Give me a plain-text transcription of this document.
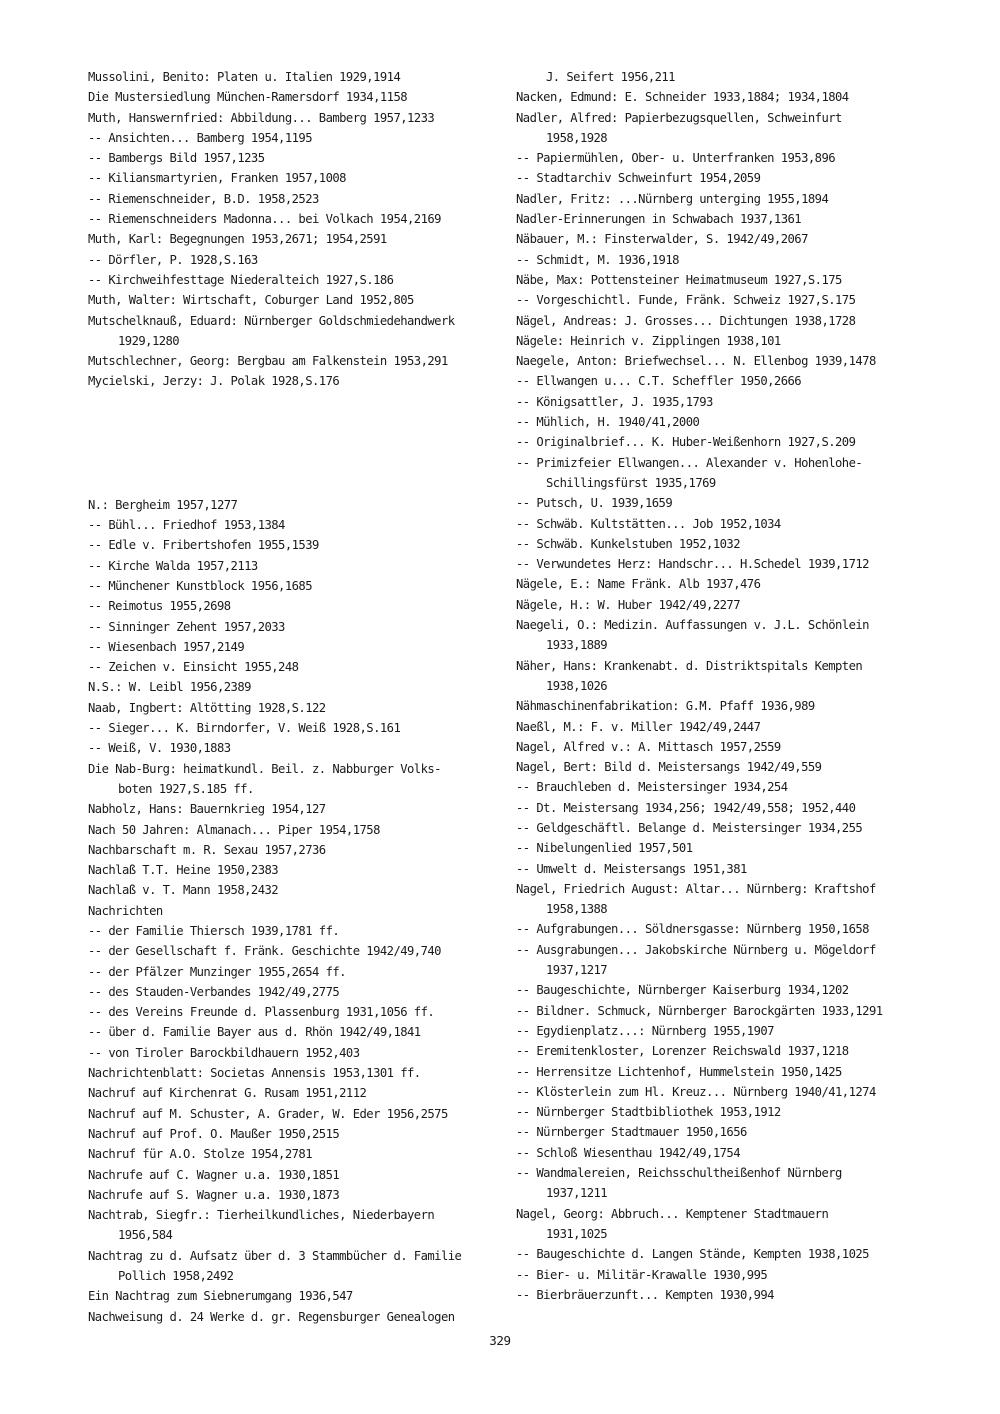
Mussolini, Benito: Platen u. Italien 1929,1914
Die Mustersiedlung München-Ramersdorf 1934,1158
Muth, Hanswernfried: Abbildung... Bamberg 1957,1233
-- Ansichten... Bamberg 1954,1195
-- Bambergs Bild 1957,1235
-- Kiliansmartyrien, Franken 1957,1008
-- Riemenschneider, B.D. 1958,2523
-- Riemenschneiders Madonna... bei Volkach 1954,2169
Muth, Karl: Begegnungen 1953,2671; 1954,2591
-- Dörfler, P. 1928,S.163
-- Kirchweihfesttage Niederalteich 1927,S.186
Muth, Walter: Wirtschaft, Coburger Land 1952,805
Mutschelknauß, Eduard: Nürnberger Goldschmiedehandwerk
1929,1280
Mutschlechner, Georg: Bergbau am Falkenstein 1953,291
Mycielski, Jerzy: J. Polak 1928,S.176
N.: Bergheim 1957,1277
-- Bühl... Friedhof 1953,1384
-- Edle v. Fribertshofen 1955,1539
-- Kirche Walda 1957,2113
-- Münchener Kunstblock 1956,1685
-- Reimotus 1955,2698
-- Sinninger Zehent 1957,2033
-- Wiesenbach 1957,2149
-- Zeichen v. Einsicht 1955,248
N.S.: W. Leibl 1956,2389
Naab, Ingbert: Altötting 1928,S.122
-- Sieger... K. Birndorfer, V. Weiß 1928,S.161
-- Weiß, V. 1930,1883
Die Nab-Burg: heimatkundl. Beil. z. Nabburger Volks-
boten 1927,S.185 ff.
Nabholz, Hans: Bauernkrieg 1954,127
Nach 50 Jahren: Almanach... Piper 1954,1758
Nachbarschaft m. R. Sexau 1957,2736
Nachlaß T.T. Heine 1950,2383
Nachlaß v. T. Mann 1958,2432
Nachrichten
-- der Familie Thiersch 1939,1781 ff.
-- der Gesellschaft f. Fränk. Geschichte 1942/49,740
-- der Pfälzer Munzinger 1955,2654 ff.
-- des Stauden-Verbandes 1942/49,2775
-- des Vereins Freunde d. Plassenburg 1931,1056 ff.
-- über d. Familie Bayer aus d. Rhön 1942/49,1841
-- von Tiroler Barockbildhauern 1952,403
Nachrichtenblatt: Societas Annensis 1953,1301 ff.
Nachruf auf Kirchenrat G. Rusam 1951,2112
Nachruf auf M. Schuster, A. Grader, W. Eder 1956,2575
Nachruf auf Prof. O. Maußer 1950,2515
Nachruf für A.O. Stolze 1954,2781
Nachrufe auf C. Wagner u.a. 1930,1851
Nachrufe auf S. Wagner u.a. 1930,1873
Nachtrab, Siegfr.: Tierheilkundliches, Niederbayern
1956,584
Nachtrag zu d. Aufsatz über d. 3 Stammbücher d. Familie
Pollich 1958,2492
Ein Nachtrag zum Siebnerumgang 1936,547
Nachweisung d. 24 Werke d. gr. Regensburger Genealogen
J. Seifert 1956,211
Nacken, Edmund: E. Schneider 1933,1884; 1934,1804
Nadler, Alfred: Papierbezugsquellen, Schweinfurt
1958,1928
-- Papiermühlen, Ober- u. Unterfranken 1953,896
-- Stadtarchiv Schweinfurt 1954,2059
Nadler, Fritz: ...Nürnberg unterging 1955,1894
Nadler-Erinnerungen in Schwabach 1937,1361
Näbauer, M.: Finsterwalder, S. 1942/49,2067
-- Schmidt, M. 1936,1918
Näbe, Max: Pottensteiner Heimatmuseum 1927,S.175
-- Vorgeschichtl. Funde, Fränk. Schweiz 1927,S.175
Nägel, Andreas: J. Grosses... Dichtungen 1938,1728
Nägele: Heinrich v. Zipplingen 1938,101
Naegele, Anton: Briefwechsel... N. Ellenbog 1939,1478
-- Ellwangen u... C.T. Scheffler 1950,2666
-- Königsattler, J. 1935,1793
-- Mühlich, H. 1940/41,2000
-- Originalbrief... K. Huber-Weißenhorn 1927,S.209
-- Primizfeier Ellwangen... Alexander v. Hohenlohe-
Schillingsfürst 1935,1769
-- Putsch, U. 1939,1659
-- Schwäb. Kultstätten... Job 1952,1034
-- Schwäb. Kunkelstuben 1952,1032
-- Verwundetes Herz: Handschr... H.Schedel 1939,1712
Nägele, E.: Name Fränk. Alb 1937,476
Nägele, H.: W. Huber 1942/49,2277
Naegeli, O.: Medizin. Auffassungen v. J.L. Schönlein
1933,1889
Näher, Hans: Krankenabt. d. Distriktspitals Kempten
1938,1026
Nähmaschinenfabrikation: G.M. Pfaff 1936,989
Naeßl, M.: F. v. Miller 1942/49,2447
Nagel, Alfred v.: A. Mittasch 1957,2559
Nagel, Bert: Bild d. Meistersangs 1942/49,559
-- Brauchleben d. Meistersinger 1934,254
-- Dt. Meistersang 1934,256; 1942/49,558; 1952,440
-- Geldgeschäftl. Belange d. Meistersinger 1934,255
-- Nibelungenlied 1957,501
-- Umwelt d. Meistersangs 1951,381
Nagel, Friedrich August: Altar... Nürnberg: Kraftshof
1958,1388
-- Aufgrabungen... Söldnersgasse: Nürnberg 1950,1658
-- Ausgrabungen... Jakobskirche Nürnberg u. Mögeldorf
1937,1217
-- Baugeschichte, Nürnberger Kaiserburg 1934,1202
-- Bildner. Schmuck, Nürnberger Barockgärten 1933,1291
-- Egydienplatz...: Nürnberg 1955,1907
-- Eremitenkloster, Lorenzer Reichswald 1937,1218
-- Herrensitze Lichtenhof, Hummelstein 1950,1425
-- Klösterlein zum Hl. Kreuz... Nürnberg 1940/41,1274
-- Nürnberger Stadtbibliothek 1953,1912
-- Nürnberger Stadtmauer 1950,1656
-- Schloß Wiesenthau 1942/49,1754
-- Wandmalereien, Reichsschultheißenhof Nürnberg
1937,1211
Nagel, Georg: Abbruch... Kemptener Stadtmauern
1931,1025
-- Baugeschichte d. Langen Stände, Kempten 1938,1025
-- Bier- u. Militär-Krawalle 1930,995
-- Bierbräuerzunft... Kempten 1930,994
329
